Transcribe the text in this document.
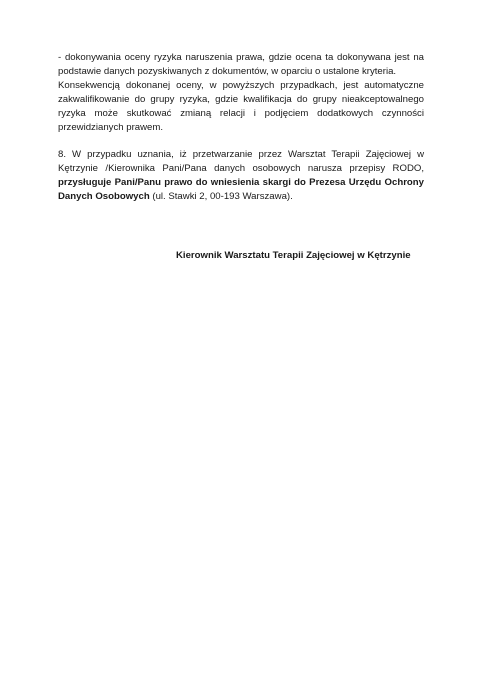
- dokonywania oceny ryzyka naruszenia prawa, gdzie ocena ta dokonywana jest na podstawie danych pozyskiwanych z dokumentów, w oparciu o ustalone kryteria.

Konsekwencją dokonanej oceny, w powyższych przypadkach, jest automatyczne zakwalifikowanie do grupy ryzyka, gdzie kwalifikacja do grupy nieakceptowalnego ryzyka może skutkować zmianą relacji i podjęciem dodatkowych czynności przewidzianych prawem.

8. W przypadku uznania, iż przetwarzanie przez Warsztat Terapii Zajęciowej w Kętrzynie /Kierownika Pani/Pana danych osobowych narusza przepisy RODO, przysługuje Pani/Panu prawo do wniesienia skargi do Prezesa Urzędu Ochrony Danych Osobowych (ul. Stawki 2, 00-193 Warszawa).

Kierownik Warsztatu Terapii Zajęciowej w Kętrzynie
